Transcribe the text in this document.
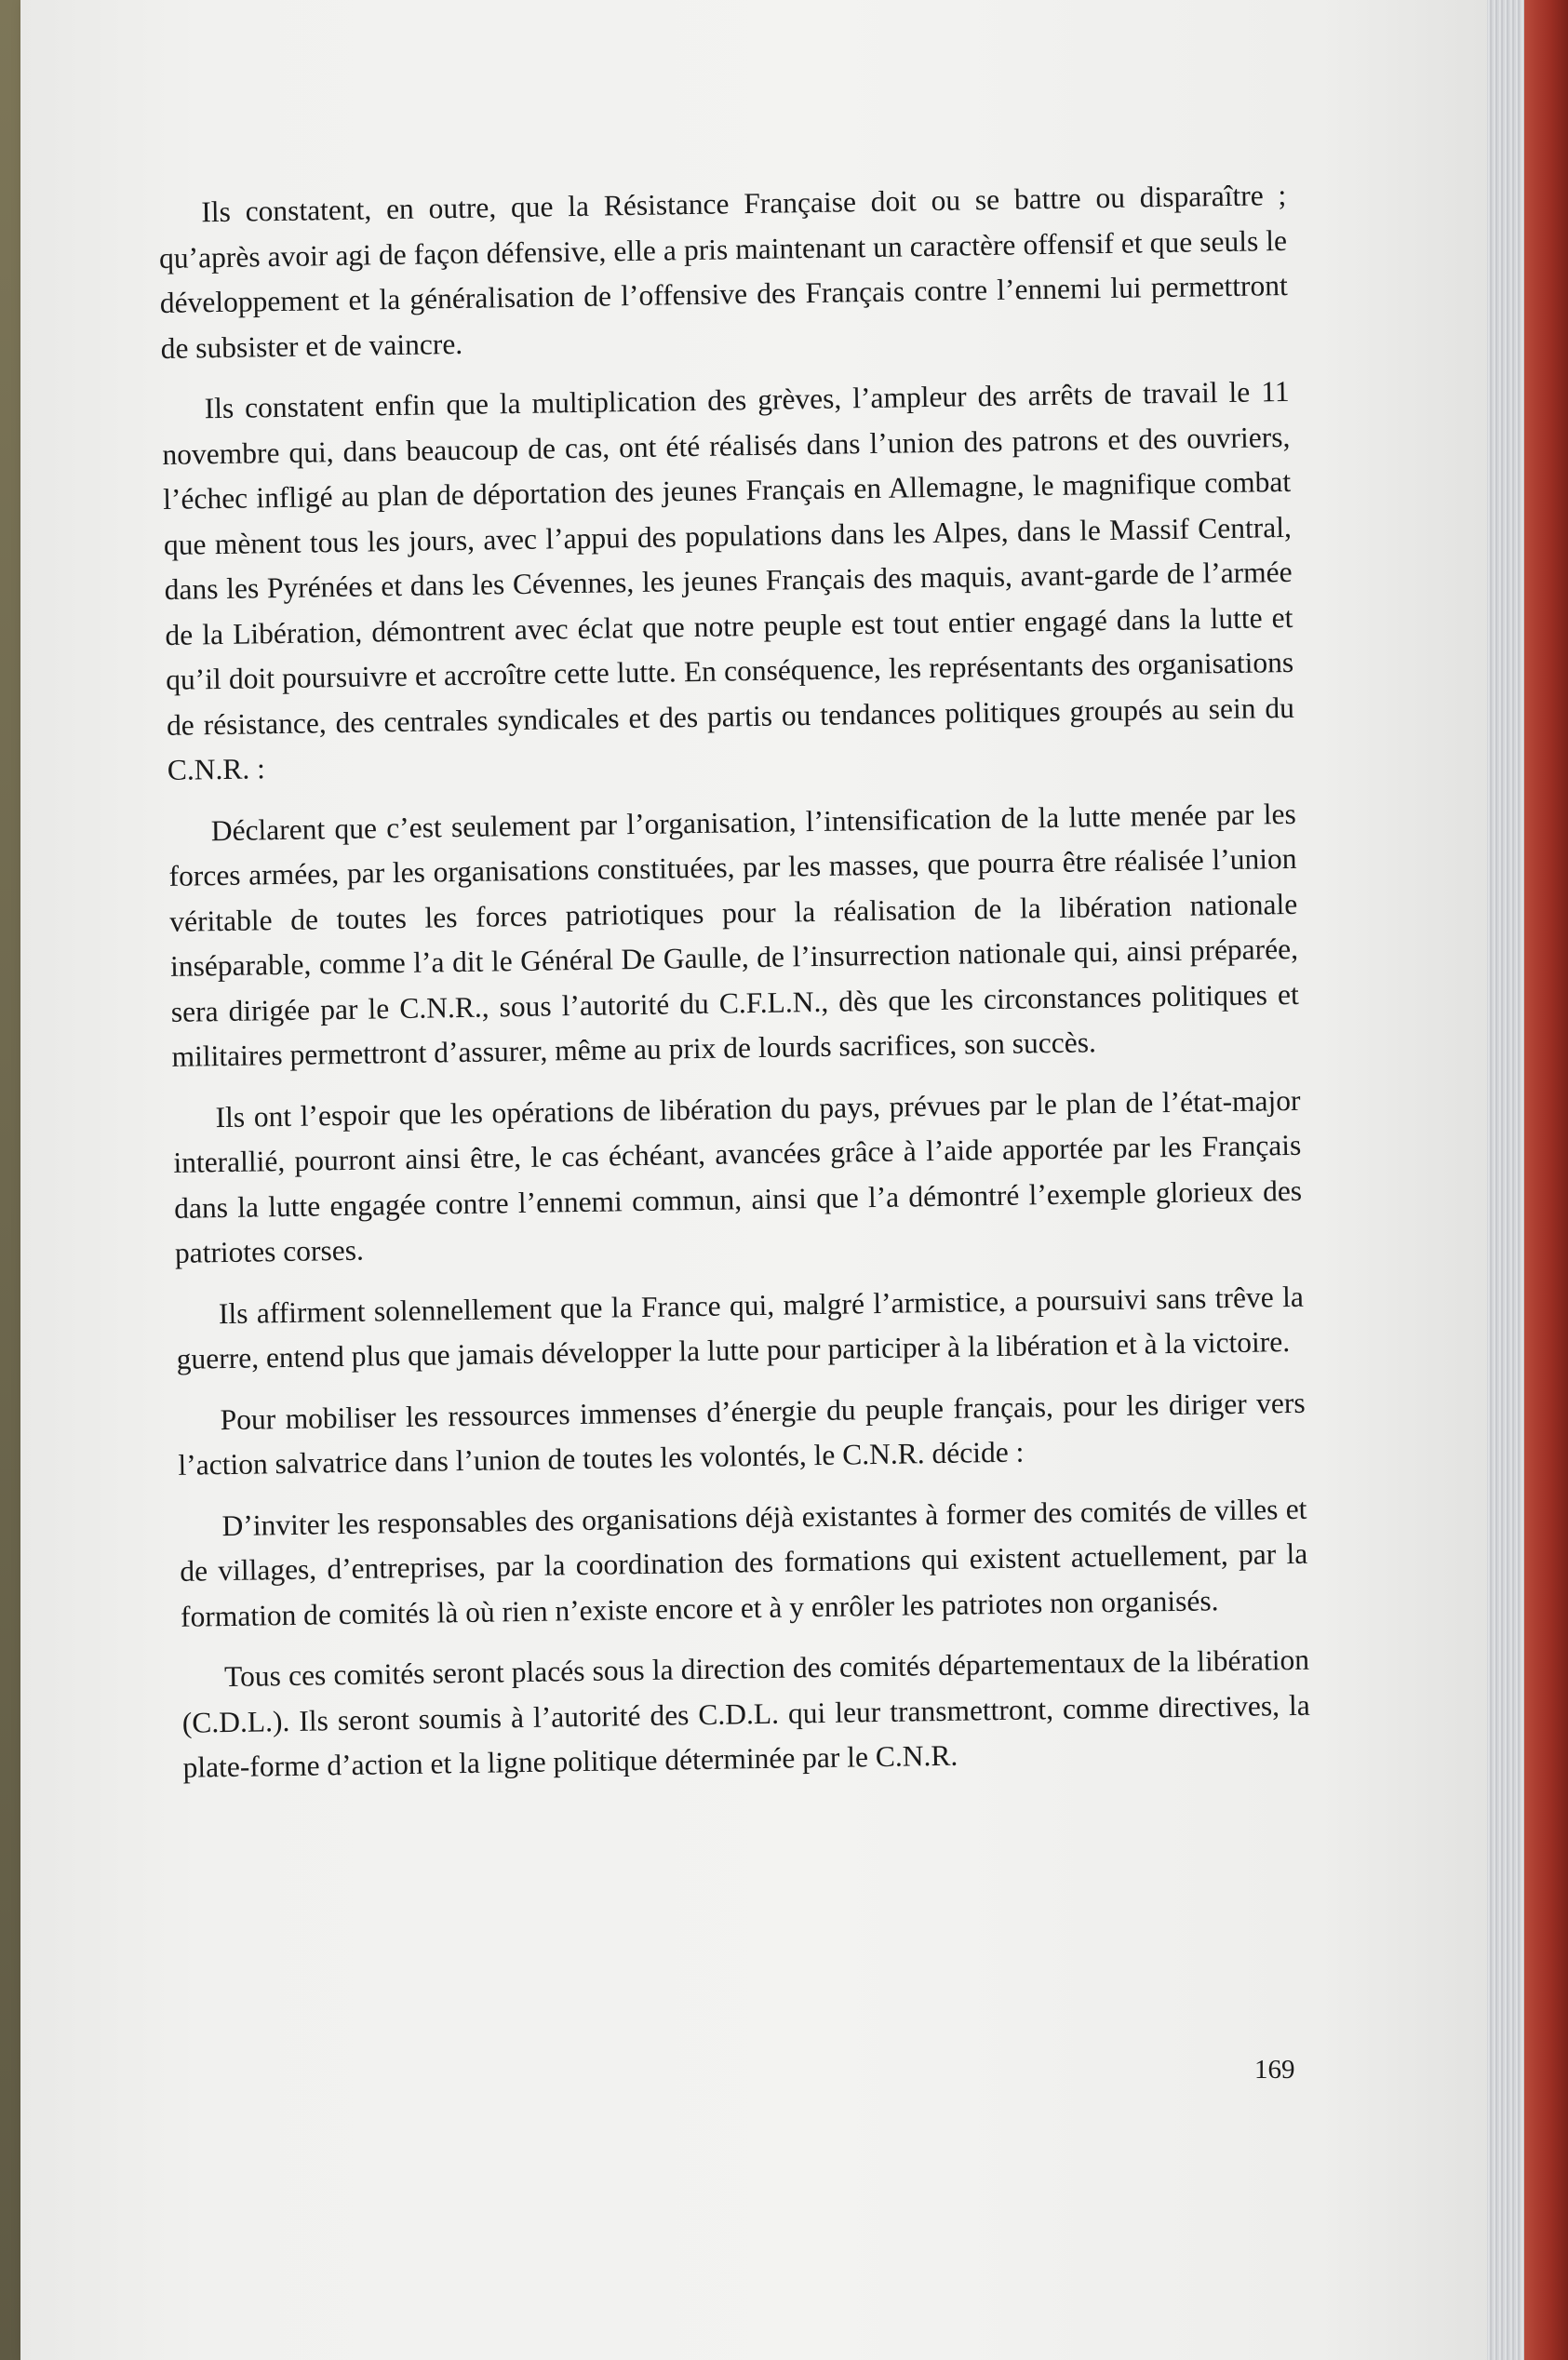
Ils constatent, en outre, que la Résistance Française doit ou se battre ou disparaître ; qu’après avoir agi de façon défensive, elle a pris maintenant un caractère offensif et que seuls le développement et la généralisation de l’offensive des Français contre l’ennemi lui permettront de subsister et de vaincre.

Ils constatent enfin que la multiplication des grèves, l’ampleur des arrêts de travail le 11 novembre qui, dans beaucoup de cas, ont été réalisés dans l’union des patrons et des ouvriers, l’échec infligé au plan de déportation des jeunes Français en Allemagne, le magnifique combat que mènent tous les jours, avec l’appui des populations dans les Alpes, dans le Massif Central, dans les Pyrénées et dans les Cévennes, les jeunes Français des maquis, avant-garde de l’armée de la Libération, démontrent avec éclat que notre peuple est tout entier engagé dans la lutte et qu’il doit poursuivre et accroître cette lutte. En conséquence, les représentants des organisations de résistance, des centrales syndicales et des partis ou tendances politiques groupés au sein du C.N.R. :

Déclarent que c’est seulement par l’organisation, l’intensification de la lutte menée par les forces armées, par les organisations constituées, par les masses, que pourra être réalisée l’union véritable de toutes les forces patriotiques pour la réalisation de la libération nationale inséparable, comme l’a dit le Général De Gaulle, de l’insurrection nationale qui, ainsi préparée, sera dirigée par le C.N.R., sous l’autorité du C.F.L.N., dès que les circonstances politiques et militaires permettront d’assurer, même au prix de lourds sacrifices, son succès.

Ils ont l’espoir que les opérations de libération du pays, prévues par le plan de l’état-major interallié, pourront ainsi être, le cas échéant, avancées grâce à l’aide apportée par les Français dans la lutte engagée contre l’ennemi commun, ainsi que l’a démontré l’exemple glorieux des patriotes corses.

Ils affirment solennellement que la France qui, malgré l’armistice, a poursuivi sans trêve la guerre, entend plus que jamais développer la lutte pour participer à la libération et à la victoire.

Pour mobiliser les ressources immenses d’énergie du peuple français, pour les diriger vers l’action salvatrice dans l’union de toutes les volontés, le C.N.R. décide :

D’inviter les responsables des organisations déjà existantes à former des comités de villes et de villages, d’entreprises, par la coordination des formations qui existent actuellement, par la formation de comités là où rien n’existe encore et à y enrôler les patriotes non organisés.

Tous ces comités seront placés sous la direction des comités départementaux de la libération (C.D.L.). Ils seront soumis à l’autorité des C.D.L. qui leur transmettront, comme directives, la plate-forme d’action et la ligne politique déterminée par le C.N.R.

169
